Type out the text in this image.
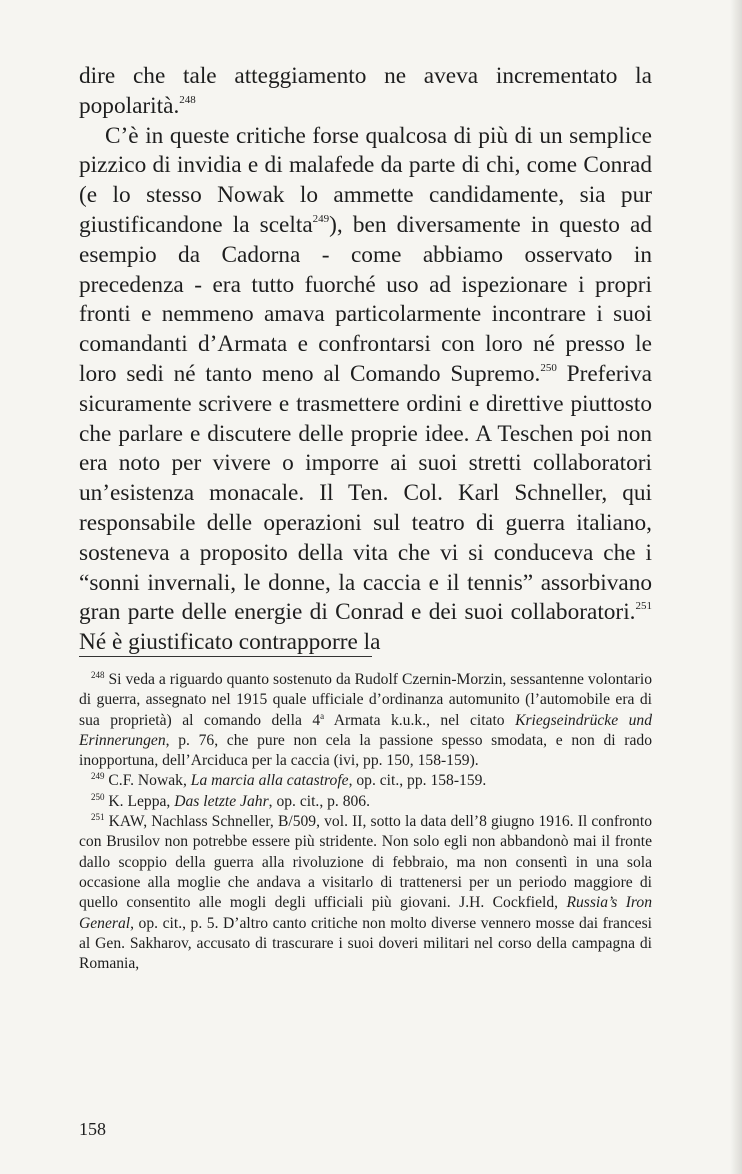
dire che tale atteggiamento ne aveva incrementato la popolarità.$^{248}$

C’è in queste critiche forse qualcosa di più di un semplice pizzico di invidia e di malafede da parte di chi, come Conrad (e lo stesso Nowak lo ammette candidamente, sia pur giustificandone la scelta$^{249}$), ben diversamente in questo ad esempio da Cadorna - come abbiamo osservato in precedenza - era tutto fuorché uso ad ispezionare i propri fronti e nemmeno amava particolarmente incontrare i suoi comandanti d’Armata e confrontarsi con loro né presso le loro sedi né tanto meno al Comando Supremo.$^{250}$ Preferiva sicuramente scrivere e trasmettere ordini e direttive piuttosto che parlare e discutere delle proprie idee. A Teschen poi non era noto per vivere o imporre ai suoi stretti collaboratori un’esistenza monacale. Il Ten. Col. Karl Schneller, qui responsabile delle operazioni sul teatro di guerra italiano, sosteneva a proposito della vita che vi si conduceva che i “sonni invernali, le donne, la caccia e il tennis” assorbivano gran parte delle energie di Conrad e dei suoi collaboratori.$^{251}$ Né è giustificato contrapporre la

$^{248}$ Si veda a riguardo quanto sostenuto da Rudolf Czernin-Morzin, sessantenne volontario di guerra, assegnato nel 1915 quale ufficiale d’ordinanza automunito (l’automobile era di sua proprietà) al comando della 4$^a$ Armata k.u.k., nel citato Kriegseindrücke und Erinnerungen, p. 76, che pure non cela la passione spesso smodata, e non di rado inopportuna, dell’Arciduca per la caccia (ivi, pp. 150, 158-159).

$^{249}$ C.F. Nowak, La marcia alla catastrofe, op. cit., pp. 158-159.

$^{250}$ K. Leppa, Das letzte Jahr, op. cit., p. 806.

$^{251}$ KAW, Nachlass Schneller, B/509, vol. II, sotto la data dell’8 giugno 1916. Il confronto con Brusilov non potrebbe essere più stridente. Non solo egli non abbandonò mai il fronte dallo scoppio della guerra alla rivoluzione di febbraio, ma non consentì in una sola occasione alla moglie che andava a visitarlo di trattenersi per un periodo maggiore di quello consentito alle mogli degli ufficiali più giovani. J.H. Cockfield, Russia’s Iron General, op. cit., p. 5. D’altro canto critiche non molto diverse vennero mosse dai francesi al Gen. Sakharov, accusato di trascurare i suoi doveri militari nel corso della campagna di Romania,

158
